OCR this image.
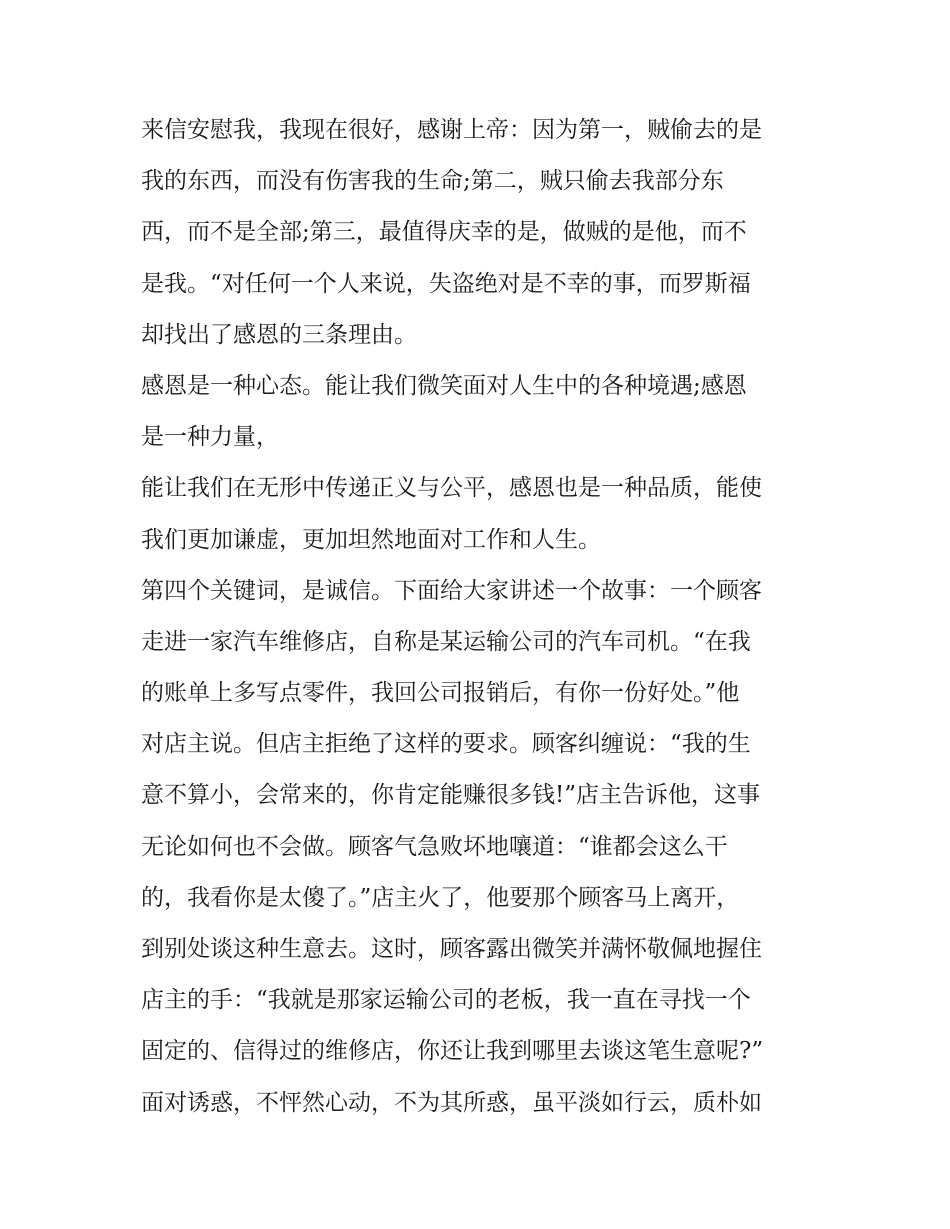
来信安慰我，我现在很好，感谢上帝：因为第一，贼偷去的是
我的东西，而没有伤害我的生命;第二，贼只偷去我部分东
西，而不是全部;第三，最值得庆幸的是，做贼的是他，而不
是我。“对任何一个人来说，失盗绝对是不幸的事，而罗斯福
却找出了感恩的三条理由。
感恩是一种心态。能让我们微笑面对人生中的各种境遇;感恩
是一种力量，
能让我们在无形中传递正义与公平，感恩也是一种品质，能使
我们更加谦虚，更加坦然地面对工作和人生。
第四个关键词，是诚信。下面给大家讲述一个故事：一个顾客
走进一家汽车维修店，自称是某运输公司的汽车司机。“在我
的账单上多写点零件，我回公司报销后，有你一份好处。”他
对店主说。但店主拒绝了这样的要求。顾客纠缠说：“我的生
意不算小，会常来的，你肯定能赚很多钱!”店主告诉他，这事
无论如何也不会做。顾客气急败坏地嚷道：“谁都会这么干
的，我看你是太傻了。”店主火了，他要那个顾客马上离开，
到别处谈这种生意去。这时，顾客露出微笑并满怀敬佩地握住
店主的手：“我就是那家运输公司的老板，我一直在寻找一个
固定的、信得过的维修店，你还让我到哪里去谈这笔生意呢?”
面对诱惑，不怦然心动，不为其所惑，虽平淡如行云，质朴如
